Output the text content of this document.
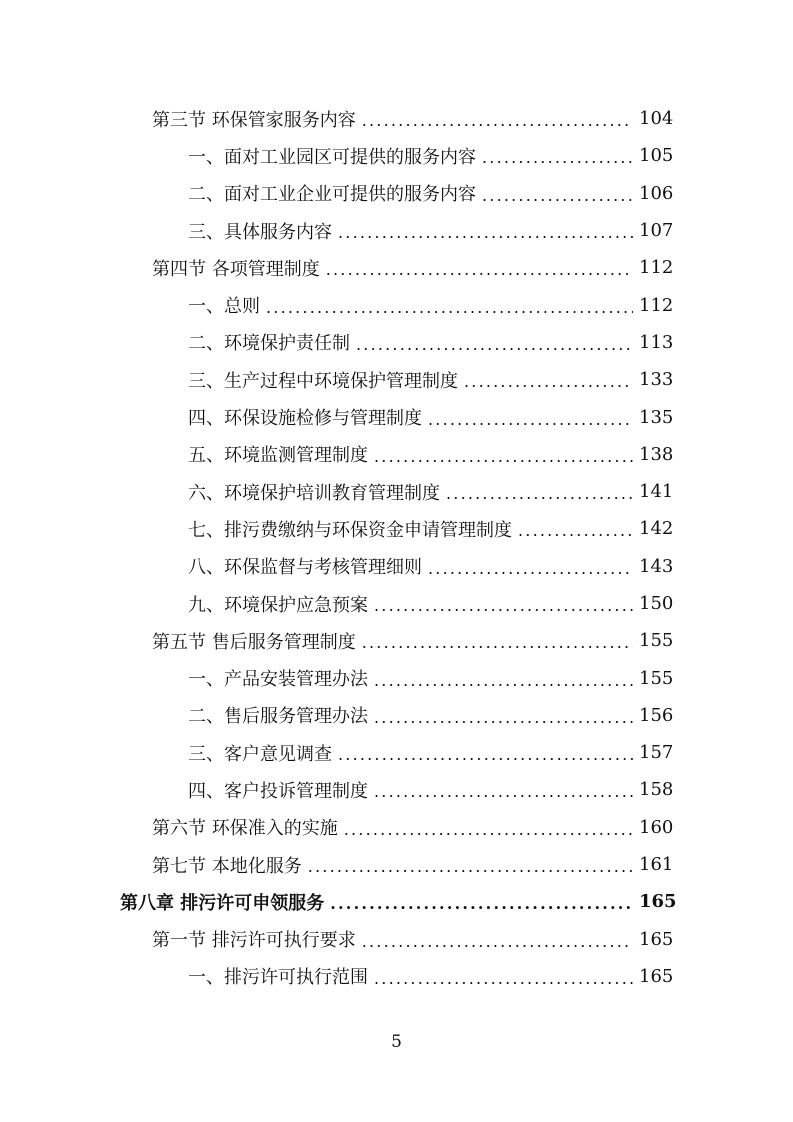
第三节 环保管家服务内容 .....	104
一、面对工业园区可提供的服务内容 .....	105
二、面对工业企业可提供的服务内容 .....	106
三、具体服务内容 .....	107
第四节 各项管理制度 .....	112
一、总则 .....	112
二、环境保护责任制 .....	113
三、生产过程中环境保护管理制度 .....	133
四、环保设施检修与管理制度 .....	135
五、环境监测管理制度 .....	138
六、环境保护培训教育管理制度 .....	141
七、排污费缴纳与环保资金申请管理制度 .....	142
八、环保监督与考核管理细则 .....	143
九、环境保护应急预案 .....	150
第五节 售后服务管理制度 .....	155
一、产品安装管理办法 .....	155
二、售后服务管理办法 .....	156
三、客户意见调查 .....	157
四、客户投诉管理制度 .....	158
第六节 环保准入的实施 .....	160
第七节 本地化服务 .....	161
第八章 排污许可申领服务 .....	165
第一节 排污许可执行要求 .....	165
一、排污许可执行范围 .....	165
5
